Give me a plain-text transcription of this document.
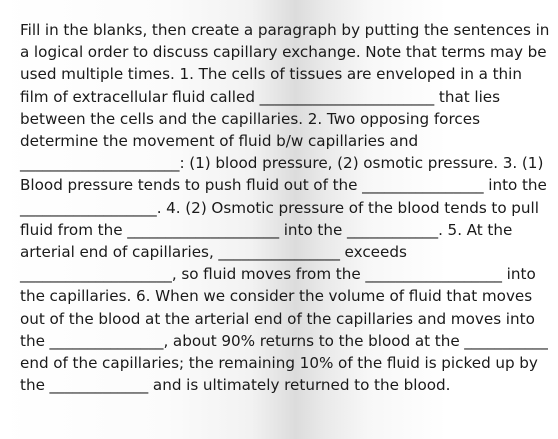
Fill in the blanks, then create a paragraph by putting the sentences in a logical order to discuss capillary exchange. Note that terms may be used multiple times. 1. The cells of tissues are enveloped in a thin film of extracellular fluid called _______________________ that lies between the cells and the capillaries. 2. Two opposing forces determine the movement of fluid b/w capillaries and _____________________: (1) blood pressure, (2) osmotic pressure. 3. (1) Blood pressure tends to push fluid out of the ________________ into the __________________. 4. (2) Osmotic pressure of the blood tends to pull fluid from the ____________________ into the ____________. 5. At the arterial end of capillaries, ________________ exceeds ____________________, so fluid moves from the __________________ into the capillaries. 6. When we consider the volume of fluid that moves out of the blood at the arterial end of the capillaries and moves into the _______________, about 90% returns to the blood at the ___________ end of the capillaries; the remaining 10% of the fluid is picked up by the _____________ and is ultimately returned to the blood.
